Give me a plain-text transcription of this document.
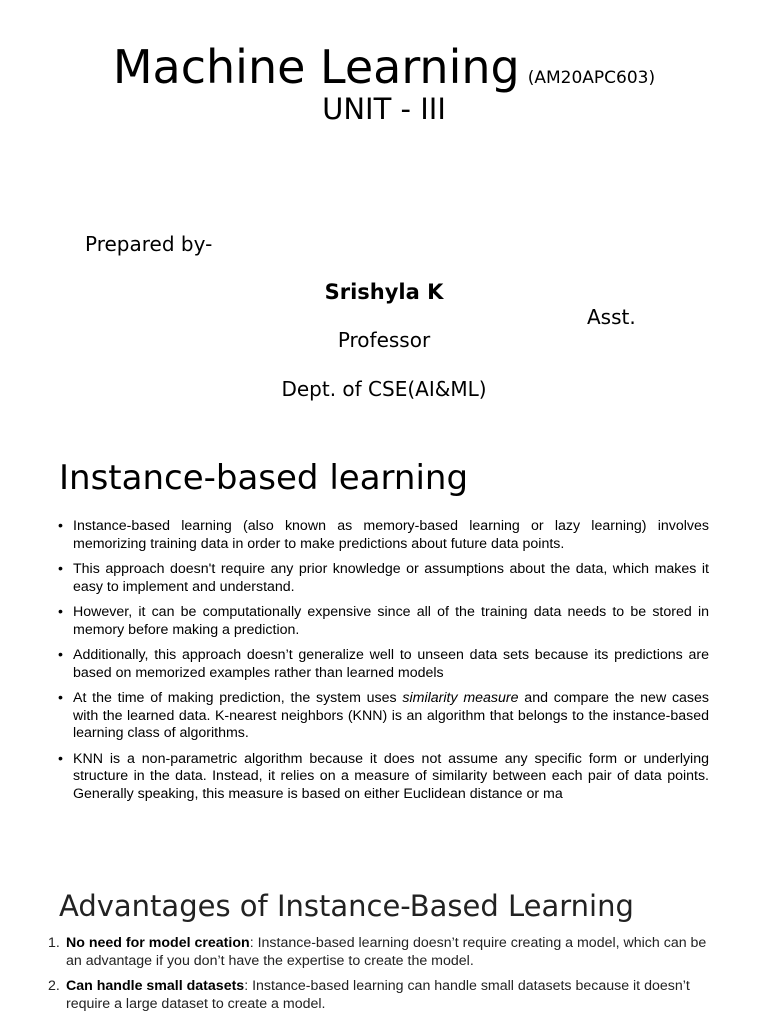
Machine Learning (AM20APC603)
UNIT - III
Prepared by-
Srishyla K
Asst.
Professor
Dept. of CSE(AI&ML)
Instance-based learning
• Instance-based learning (also known as memory-based learning or lazy learning) involves memorizing training data in order to make predictions about future data points.
• This approach doesn't require any prior knowledge or assumptions about the data, which makes it easy to implement and understand.
• However, it can be computationally expensive since all of the training data needs to be stored in memory before making a prediction.
• Additionally, this approach doesn’t generalize well to unseen data sets because its predictions are based on memorized examples rather than learned models
• At the time of making prediction, the system uses similarity measure and compare the new cases with the learned data. K-nearest neighbors (KNN) is an algorithm that belongs to the instance-based learning class of algorithms.
• KNN is a non-parametric algorithm because it does not assume any specific form or underlying structure in the data. Instead, it relies on a measure of similarity between each pair of data points. Generally speaking, this measure is based on either Euclidean distance or ma
Advantages of Instance-Based Learning
1. No need for model creation: Instance-based learning doesn’t require creating a model, which can be an advantage if you don’t have the expertise to create the model.
2. Can handle small datasets: Instance-based learning can handle small datasets because it doesn’t require a large dataset to create a model.
